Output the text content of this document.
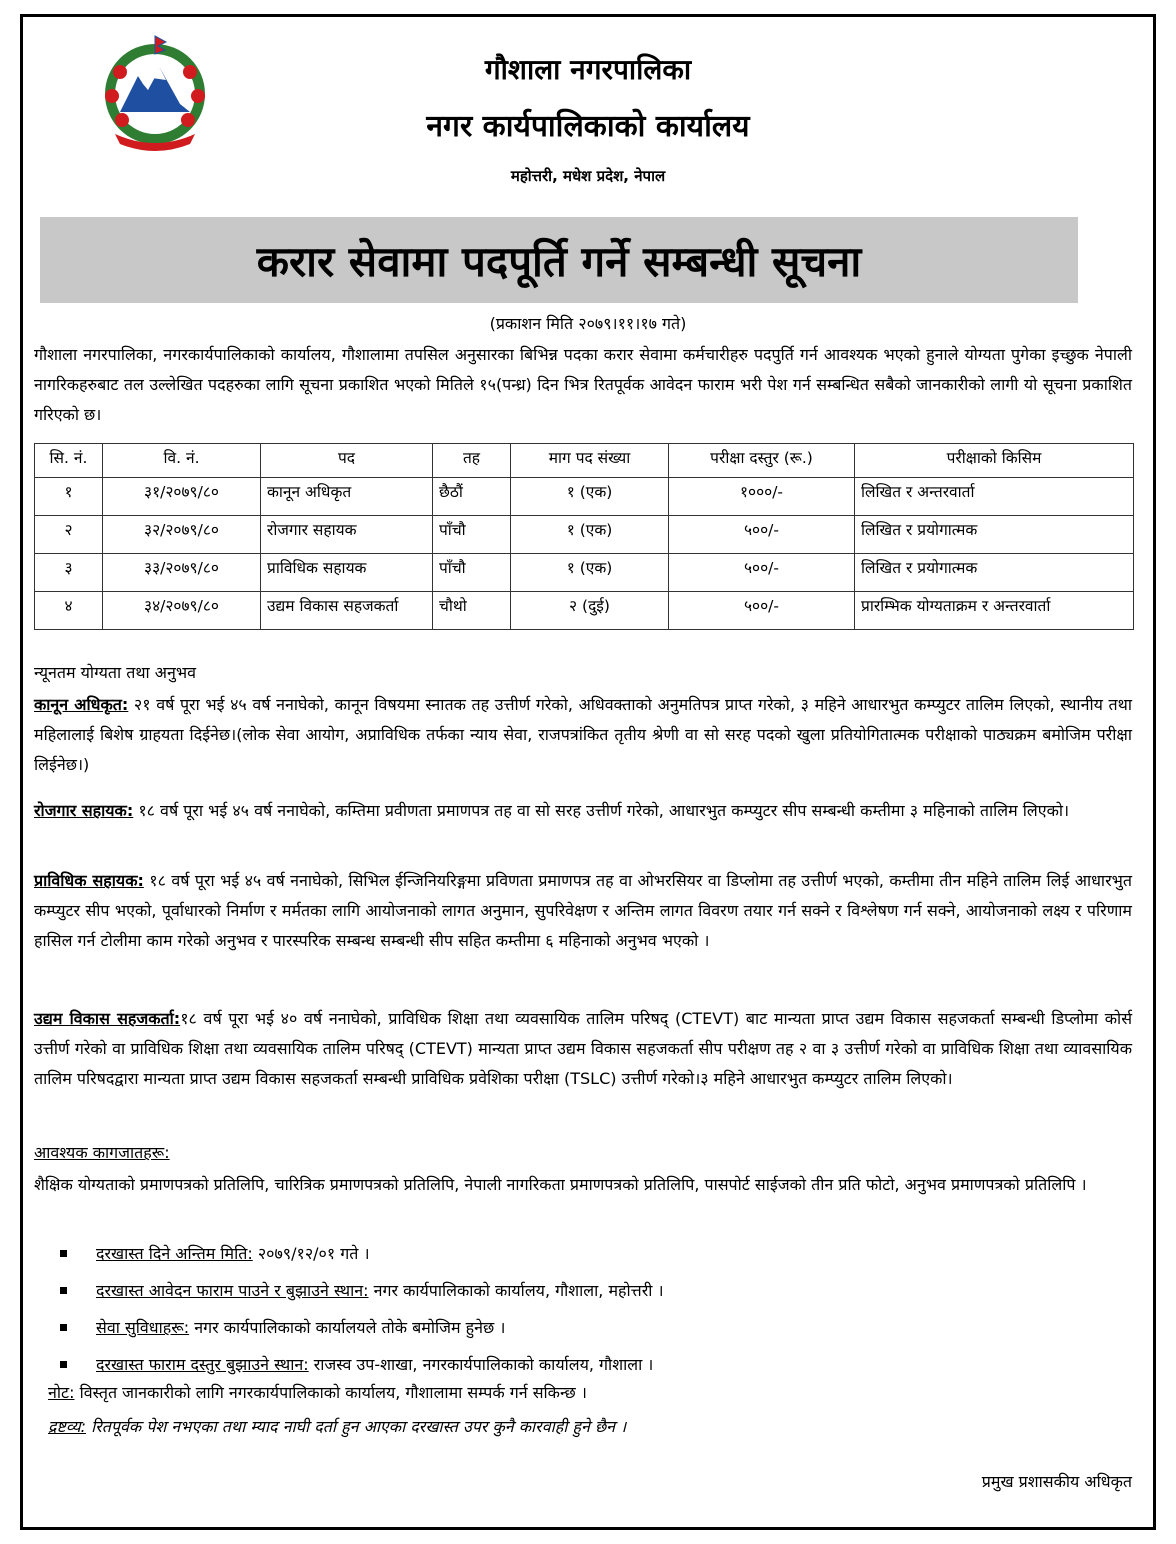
गौशाला नगरपालिका
नगर कार्यपालिकाको कार्यालय
महोत्तरी, मधेश प्रदेश, नेपाल
करार सेवामा पदपूर्ति गर्ने सम्बन्धी सूचना
(प्रकाशन मिति २०७९।११।१७ गते)
गौशाला नगरपालिका, नगरकार्यपालिकाको कार्यालय, गौशालामा तपसिल अनुसारका बिभिन्न पदका करार सेवामा कर्मचारीहरु पदपुर्ति गर्न आवश्यक भएको हुनाले योग्यता पुगेका इच्छुक नेपाली नागरिकहरुबाट तल उल्लेखित पदहरुका लागि सूचना प्रकाशित भएको मितिले १५(पन्ध्र) दिन भित्र रितपूर्वक आवेदन फाराम भरी पेश गर्न सम्बन्धित सबैको जानकारीको लागी यो सूचना प्रकाशित गरिएको छ।
सि. नं.	वि. नं.	पद	तह	माग पद संख्या	परीक्षा दस्तुर (रू.)	परीक्षाको किसिम
१	३१/२०७९/८०	कानून अधिकृत	छैठौं	१ (एक)	१०००/-	लिखित र अन्तरवार्ता
२	३२/२०७९/८०	रोजगार सहायक	पाँचौ	१ (एक)	५००/-	लिखित र प्रयोगात्मक
३	३३/२०७९/८०	प्राविधिक सहायक	पाँचौ	१ (एक)	५००/-	लिखित र प्रयोगात्मक
४	३४/२०७९/८०	उद्यम विकास सहजकर्ता	चौथो	२ (दुई)	५००/-	प्रारम्भिक योग्यताक्रम र अन्तरवार्ता
न्यूनतम योग्यता तथा अनुभव
कानून अधिकृत: २१ वर्ष पूरा भई ४५ वर्ष ननाघेको, कानून विषयमा स्नातक तह उत्तीर्ण गरेको, अधिवक्ताको अनुमतिपत्र प्राप्त गरेको, ३ महिने आधारभुत कम्प्युटर तालिम लिएको, स्थानीय तथा महिलालाई बिशेष ग्राहयता दिईनेछ।(लोक सेवा आयोग, अप्राविधिक तर्फका न्याय सेवा, राजपत्रांकित तृतीय श्रेणी वा सो सरह पदको खुला प्रतियोगितात्मक परीक्षाको पाठ्यक्रम बमोजिम परीक्षा लिईनेछ।)
रोजगार सहायक: १८ वर्ष पूरा भई ४५ वर्ष ननाघेको, कम्तिमा प्रवीणता प्रमाणपत्र तह वा सो सरह उत्तीर्ण गरेको, आधारभुत कम्प्युटर सीप सम्बन्धी कम्तीमा ३ महिनाको तालिम लिएको।
प्राविधिक सहायक: १८ वर्ष पूरा भई ४५ वर्ष ननाघेको, सिभिल ईन्जिनियरिङ्गमा प्रविणता प्रमाणपत्र तह वा ओभरसियर वा डिप्लोमा तह उत्तीर्ण भएको, कम्तीमा तीन महिने तालिम लिई आधारभुत कम्प्युटर सीप भएको, पूर्वाधारको निर्माण र मर्मतका लागि आयोजनाको लागत अनुमान, सुपरिवेक्षण र अन्तिम लागत विवरण तयार गर्न सक्ने र विश्लेषण गर्न सक्ने, आयोजनाको लक्ष्य र परिणाम हासिल गर्न टोलीमा काम गरेको अनुभव र पारस्परिक सम्बन्ध सम्बन्धी सीप सहित कम्तीमा ६ महिनाको अनुभव भएको ।
उद्यम विकास सहजकर्ता:१८ वर्ष पूरा भई ४० वर्ष ननाघेको, प्राविधिक शिक्षा तथा व्यवसायिक तालिम परिषद् (CTEVT) बाट मान्यता प्राप्त उद्यम विकास सहजकर्ता सम्बन्धी डिप्लोमा कोर्स उत्तीर्ण गरेको वा प्राविधिक शिक्षा तथा व्यवसायिक तालिम परिषद् (CTEVT) मान्यता प्राप्त उद्यम विकास सहजकर्ता सीप परीक्षण तह २ वा ३ उत्तीर्ण गरेको वा प्राविधिक शिक्षा तथा व्यावसायिक तालिम परिषदद्वारा मान्यता प्राप्त उद्यम विकास सहजकर्ता सम्बन्धी प्राविधिक प्रवेशिका परीक्षा (TSLC) उत्तीर्ण गरेको।३ महिने आधारभुत कम्प्युटर तालिम लिएको।
आवश्यक कागजातहरू:
शैक्षिक योग्यताको प्रमाणपत्रको प्रतिलिपि, चारित्रिक प्रमाणपत्रको प्रतिलिपि, नेपाली नागरिकता प्रमाणपत्रको प्रतिलिपि, पासपोर्ट साईजको तीन प्रति फोटो, अनुभव प्रमाणपत्रको प्रतिलिपि ।
दरखास्त दिने अन्तिम मिति: २०७९/१२/०१ गते ।
दरखास्त आवेदन फाराम पाउने र बुझाउने स्थान: नगर कार्यपालिकाको कार्यालय, गौशाला, महोत्तरी ।
सेवा सुविधाहरू: नगर कार्यपालिकाको कार्यालयले तोके बमोजिम हुनेछ ।
दरखास्त फाराम दस्तुर बुझाउने स्थान: राजस्व उप-शाखा, नगरकार्यपालिकाको कार्यालय, गौशाला ।
नोट: विस्तृत जानकारीको लागि नगरकार्यपालिकाको कार्यालय, गौशालामा सम्पर्क गर्न सकिन्छ ।
द्रष्टव्य: रितपूर्वक पेश नभएका तथा म्याद नाघी दर्ता हुन आएका दरखास्त उपर कुनै कारवाही हुने छैन ।
प्रमुख प्रशासकीय अधिकृत
